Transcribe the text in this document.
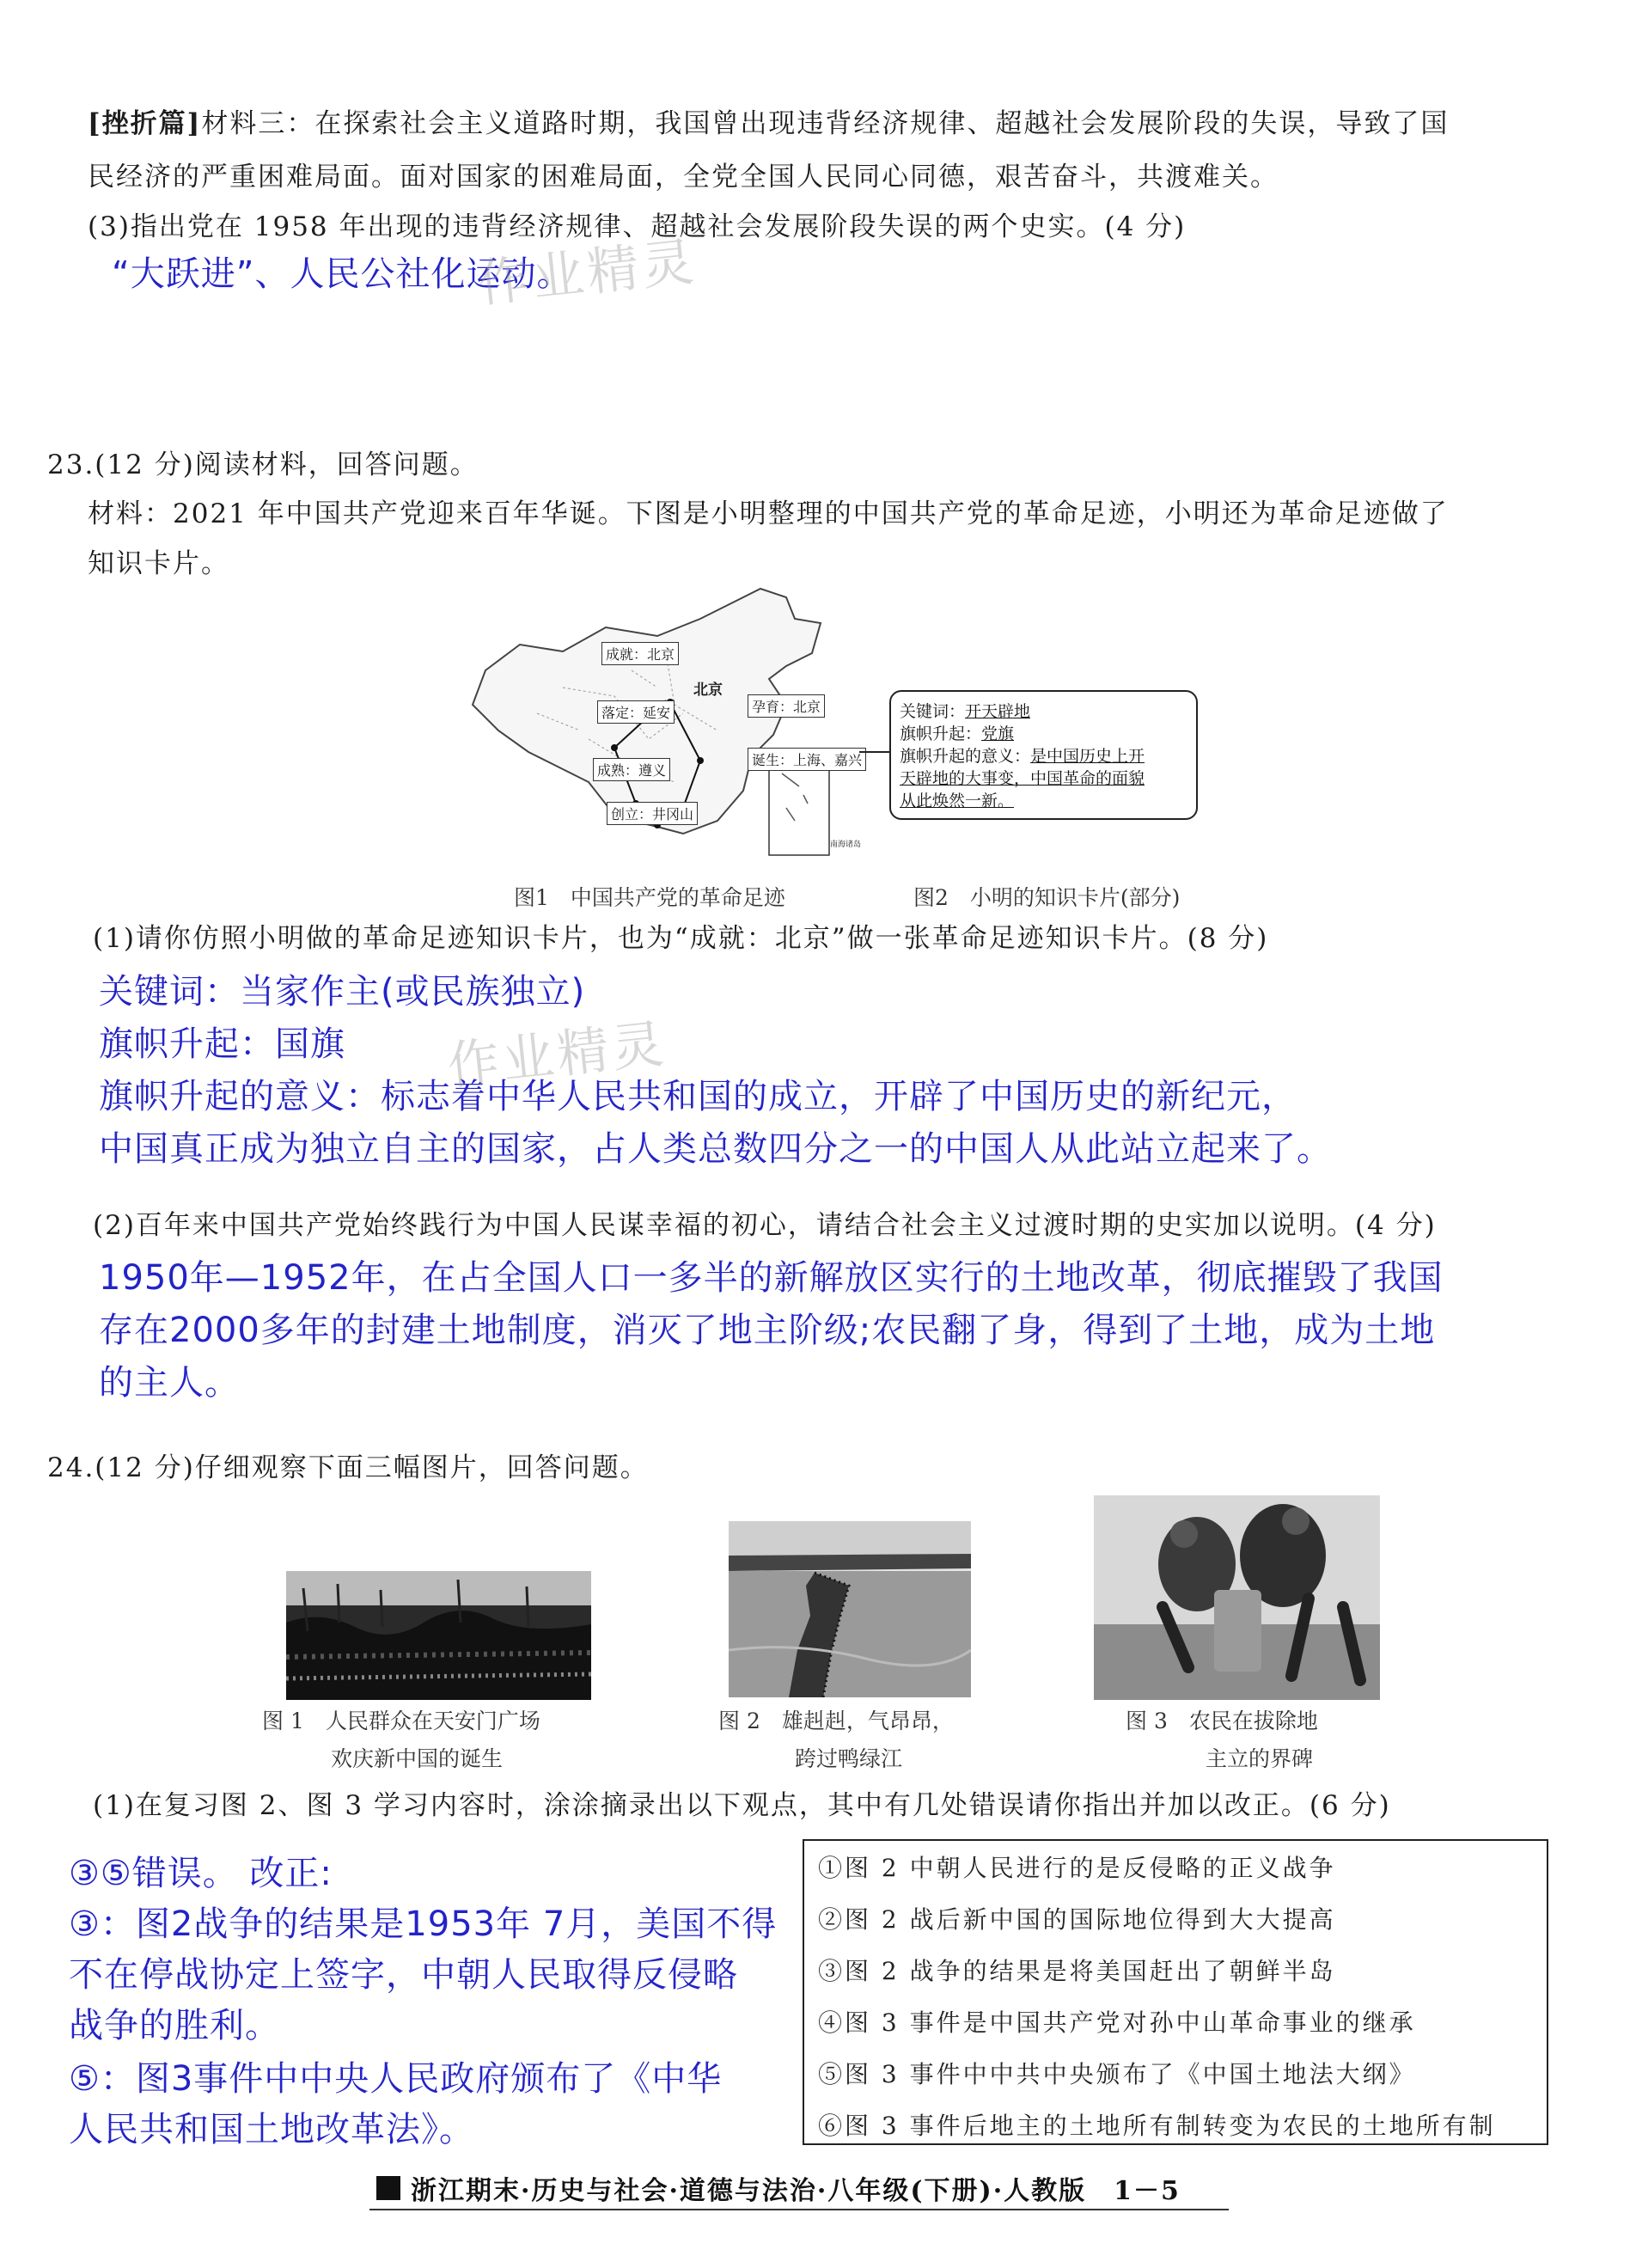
[挫折篇]材料三：在探索社会主义道路时期，我国曾出现违背经济规律、超越社会发展阶段的失误，导致了国
民经济的严重困难局面。面对国家的困难局面，全党全国人民同心同德，艰苦奋斗，共渡难关。
(3)指出党在 1958 年出现的违背经济规律、超越社会发展阶段失误的两个史实。(4 分)
“大跃进”、人民公社化运动。
作业精灵
23.(12 分)阅读材料，回答问题。
材料：2021 年中国共产党迎来百年华诞。下图是小明整理的中国共产党的革命足迹，小明还为革命足迹做了
知识卡片。
成就：北京
北京
孕育：北京
落定：延安
成熟：遵义
诞生：上海、嘉兴
创立：井冈山
南海诸岛
关键词：开天辟地
旗帜升起：党旗
旗帜升起的意义：是中国历史上开
天辟地的大事变，中国革命的面貌
从此焕然一新。
图1　中国共产党的革命足迹	图2　小明的知识卡片(部分)
(1)请你仿照小明做的革命足迹知识卡片，也为“成就：北京”做一张革命足迹知识卡片。(8 分)
关键词：当家作主(或民族独立)
旗帜升起：国旗
旗帜升起的意义：标志着中华人民共和国的成立，开辟了中国历史的新纪元，
中国真正成为独立自主的国家，占人类总数四分之一的中国人从此站立起来了。
作业精灵
(2)百年来中国共产党始终践行为中国人民谋幸福的初心，请结合社会主义过渡时期的史实加以说明。(4 分)
1950年—1952年，在占全国人口一多半的新解放区实行的土地改革，彻底摧毁了我国
存在2000多年的封建土地制度，消灭了地主阶级;农民翻了身，得到了土地，成为土地
的主人。
24.(12 分)仔细观察下面三幅图片，回答问题。
图 1　人民群众在天安门广场
欢庆新中国的诞生
图 2　雄赳赳，气昂昂，
跨过鸭绿江
图 3　农民在拔除地
主立的界碑
(1)在复习图 2、图 3 学习内容时，涂涂摘录出以下观点，其中有几处错误请你指出并加以改正。(6 分)
③⑤错误。 改正:
③：图2战争的结果是1953年 7月，美国不得
不在停战协定上签字，中朝人民取得反侵略
战争的胜利。
⑤：图3事件中中央人民政府颁布了《中华
人民共和国土地改革法》。
①图 2 中朝人民进行的是反侵略的正义战争
②图 2 战后新中国的国际地位得到大大提高
③图 2 战争的结果是将美国赶出了朝鲜半岛
④图 3 事件是中国共产党对孙中山革命事业的继承
⑤图 3 事件中中共中央颁布了《中国土地法大纲》
⑥图 3 事件后地主的土地所有制转变为农民的土地所有制
浙江期末·历史与社会·道德与法治·八年级(下册)·人教版　1－5
